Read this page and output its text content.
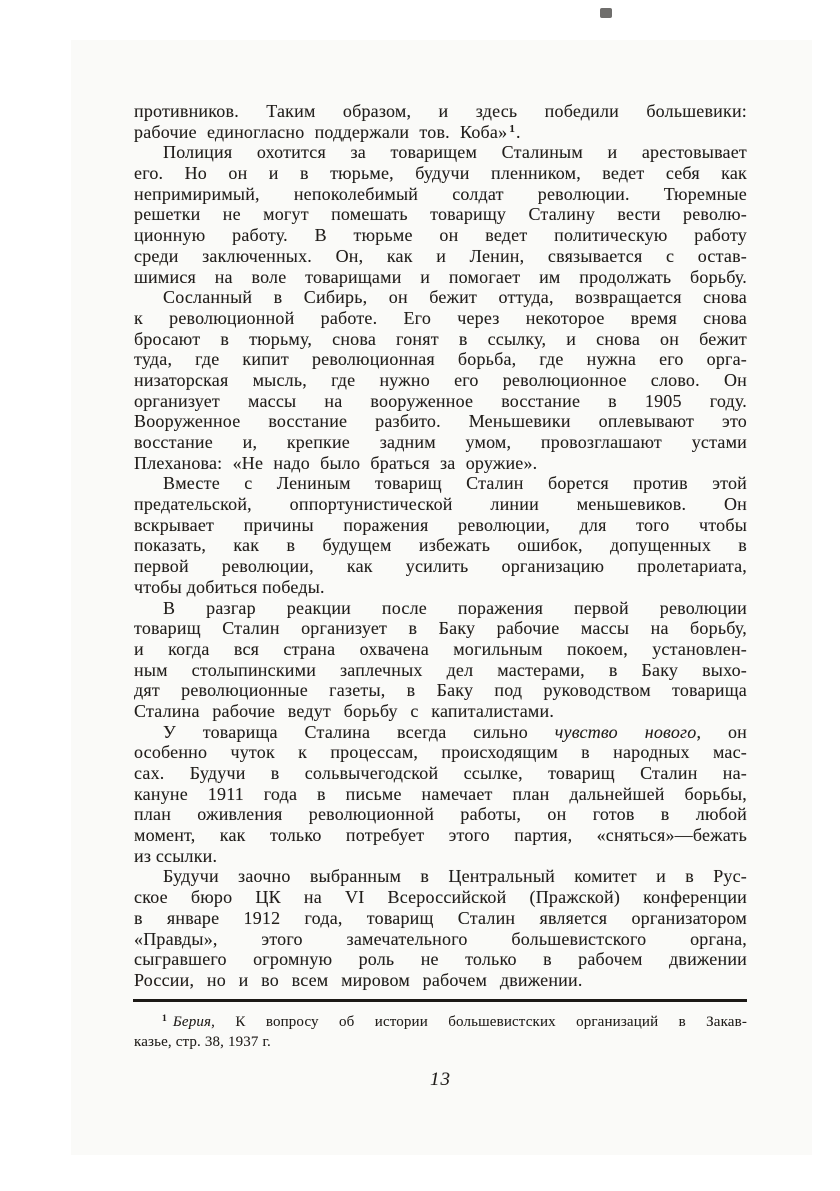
противников. Таким образом, и здесь победили большевики:
рабочие единогласно поддержали тов. Коба» $^1$.
Полиция охотится за товарищем Сталиным и арестовывает
его. Но он и в тюрьме, будучи пленником, ведет себя как
непримиримый, непоколебимый солдат революции. Тюремные
решетки не могут помешать товарищу Сталину вести револю-
ционную работу. В тюрьме он ведет политическую работу
среди заключенных. Он, как и Ленин, связывается с остав-
шимися на воле товарищами и помогает им продолжать борьбу.
Сосланный в Сибирь, он бежит оттуда, возвращается снова
к революционной работе. Его через некоторое время снова
бросают в тюрьму, снова гонят в ссылку, и снова он бежит
туда, где кипит революционная борьба, где нужна его орга-
низаторская мысль, где нужно его революционное слово. Он
организует массы на вооруженное восстание в 1905 году.
Вооруженное восстание разбито. Меньшевики оплевывают это
восстание и, крепкие задним умом, провозглашают устами
Плеханова: «Не надо было браться за оружие».
Вместе с Лениным товарищ Сталин борется против этой
предательской, оппортунистической линии меньшевиков. Он
вскрывает причины поражения революции, для того чтобы
показать, как в будущем избежать ошибок, допущенных в
первой революции, как усилить организацию пролетариата,
чтобы добиться победы.
В разгар реакции после поражения первой революции
товарищ Сталин организует в Баку рабочие массы на борьбу,
и когда вся страна охвачена могильным покоем, установлен-
ным столыпинскими заплечных дел мастерами, в Баку выхо-
дят революционные газеты, в Баку под руководством товарища
Сталина рабочие ведут борьбу с капиталистами.
У товарища Сталина всегда сильно чувство нового, он
особенно чуток к процессам, происходящим в народных мас-
сах. Будучи в сольвычегодской ссылке, товарищ Сталин на-
кануне 1911 года в письме намечает план дальнейшей борьбы,
план оживления революционной работы, он готов в любой
момент, как только потребует этого партия, «сняться»—бежать
из ссылки.
Будучи заочно выбранным в Центральный комитет и в Рус-
ское бюро ЦК на VI Всероссийской (Пражской) конференции
в январе 1912 года, товарищ Сталин является организатором
«Правды», этого замечательного большевистского органа,
сыгравшего огромную роль не только в рабочем движении
России, но и во всем мировом рабочем движении.
$^1$ Берия, К вопросу об истории большевистских организаций в Закав-
казье, стр. 38, 1937 г.
13
